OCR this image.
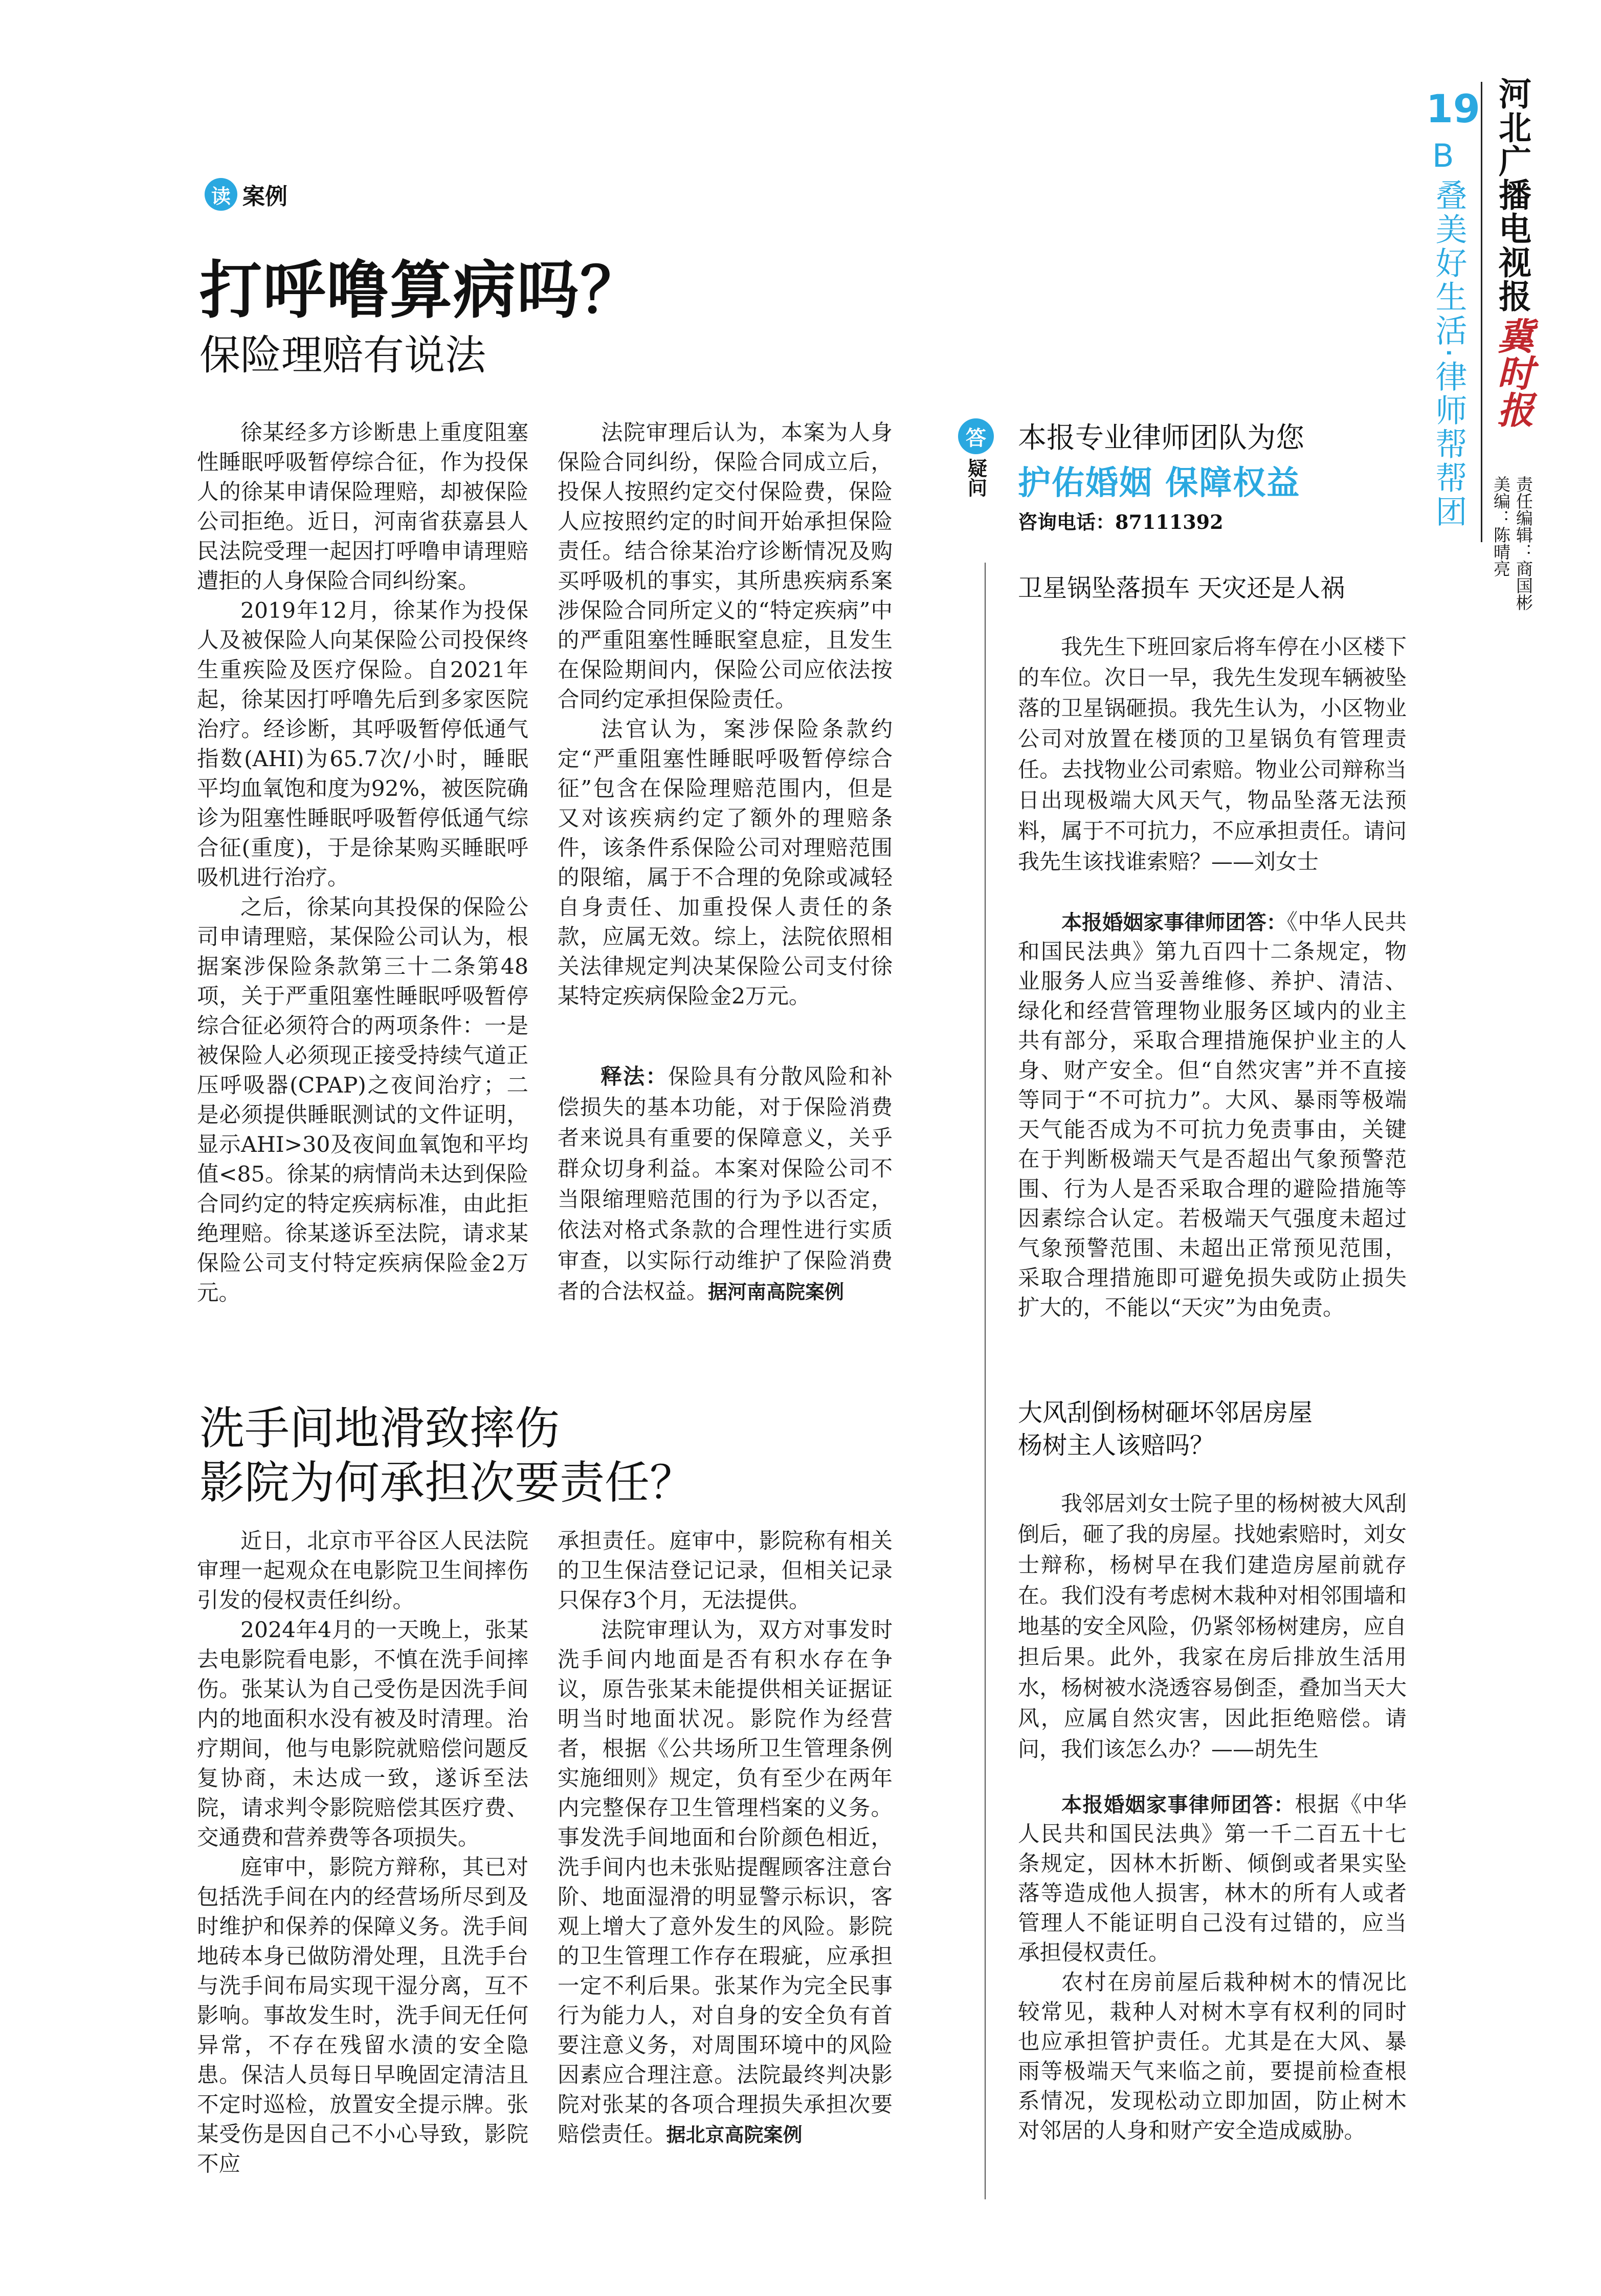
19
B
叠美好生活·律师帮帮团 河北广播电视报
冀时报
责任编辑：商国彬
美编：陈晴亮
读 案例
打呼噜算病吗？
保险理赔有说法

徐某经多方诊断患上重度阻塞性睡眠呼吸暂停综合征，作为投保人的徐某申请保险理赔，却被保险公司拒绝。近日，河南省获嘉县人民法院受理一起因打呼噜申请理赔遭拒的人身保险合同纠纷案。

2019年12月，徐某作为投保人及被保险人向某保险公司投保终生重疾险及医疗保险。自2021年起，徐某因打呼噜先后到多家医院治疗。经诊断，其呼吸暂停低通气指数(AHI)为65.7次/小时，睡眠平均血氧饱和度为92%，被医院确诊为阻塞性睡眠呼吸暂停低通气综合征(重度)，于是徐某购买睡眠呼吸机进行治疗。

之后，徐某向其投保的保险公司申请理赔，某保险公司认为，根据案涉保险条款第三十二条第48项，关于严重阻塞性睡眠呼吸暂停综合征必须符合的两项条件：一是被保险人必须现正接受持续气道正压呼吸器(CPAP)之夜间治疗；二是必须提供睡眠测试的文件证明，显示AHI>30及夜间血氧饱和平均值<85。徐某的病情尚未达到保险合同约定的特定疾病标准，由此拒绝理赔。徐某遂诉至法院，请求某保险公司支付特定疾病保险金2万元。

法院审理后认为，本案为人身保险合同纠纷，保险合同成立后，投保人按照约定交付保险费，保险人应按照约定的时间开始承担保险责任。结合徐某治疗诊断情况及购买呼吸机的事实，其所患疾病系案涉保险合同所定义的“特定疾病”中的严重阻塞性睡眠窒息症，且发生在保险期间内，保险公司应依法按合同约定承担保险责任。

法官认为，案涉保险条款约定“严重阻塞性睡眠呼吸暂停综合征”包含在保险理赔范围内，但是又对该疾病约定了额外的理赔条件，该条件系保险公司对理赔范围的限缩，属于不合理的免除或减轻自身责任、加重投保人责任的条款，应属无效。综上，法院依照相关法律规定判决某保险公司支付徐某特定疾病保险金2万元。

释法：保险具有分散风险和补偿损失的基本功能，对于保险消费者来说具有重要的保障意义，关乎群众切身利益。本案对保险公司不当限缩理赔范围的行为予以否定，依法对格式条款的合理性进行实质审查，以实际行动维护了保险消费者的合法权益。据河南高院案例

洗手间地滑致摔伤
影院为何承担次要责任？

近日，北京市平谷区人民法院审理一起观众在电影院卫生间摔伤引发的侵权责任纠纷。

2024年4月的一天晚上，张某去电影院看电影，不慎在洗手间摔伤。张某认为自己受伤是因洗手间内的地面积水没有被及时清理。治疗期间，他与电影院就赔偿问题反复协商，未达成一致，遂诉至法院，请求判令影院赔偿其医疗费、交通费和营养费等各项损失。

庭审中，影院方辩称，其已对包括洗手间在内的经营场所尽到及时维护和保养的保障义务。洗手间地砖本身已做防滑处理，且洗手台与洗手间布局实现干湿分离，互不影响。事故发生时，洗手间无任何异常，不存在残留水渍的安全隐患。保洁人员每日早晚固定清洁且不定时巡检，放置安全提示牌。张某受伤是因自己不小心导致，影院不应

承担责任。庭审中，影院称有相关的卫生保洁登记记录，但相关记录只保存3个月，无法提供。

法院审理认为，双方对事发时洗手间内地面是否有积水存在争议，原告张某未能提供相关证据证明当时地面状况。影院作为经营者，根据《公共场所卫生管理条例实施细则》规定，负有至少在两年内完整保存卫生管理档案的义务。事发洗手间地面和台阶颜色相近，洗手间内也未张贴提醒顾客注意台阶、地面湿滑的明显警示标识，客观上增大了意外发生的风险。影院的卫生管理工作存在瑕疵，应承担一定不利后果。张某作为完全民事行为能力人，对自身的安全负有首要注意义务，对周围环境中的风险因素应合理注意。法院最终判决影院对张某的各项合理损失承担次要赔偿责任。据北京高院案例

答
疑问
本报专业律师团队为您
护佑婚姻 保障权益
咨询电话：87111392
卫星锅坠落损车 天灾还是人祸

我先生下班回家后将车停在小区楼下的车位。次日一早，我先生发现车辆被坠落的卫星锅砸损。我先生认为，小区物业公司对放置在楼顶的卫星锅负有管理责任。去找物业公司索赔。物业公司辩称当日出现极端大风天气，物品坠落无法预料，属于不可抗力，不应承担责任。请问我先生该找谁索赔？——刘女士

本报婚姻家事律师团答：《中华人民共和国民法典》第九百四十二条规定，物业服务人应当妥善维修、养护、清洁、绿化和经营管理物业服务区域内的业主共有部分，采取合理措施保护业主的人身、财产安全。但“自然灾害”并不直接等同于“不可抗力”。大风、暴雨等极端天气能否成为不可抗力免责事由，关键在于判断极端天气是否超出气象预警范围、行为人是否采取合理的避险措施等因素综合认定。若极端天气强度未超过气象预警范围、未超出正常预见范围，采取合理措施即可避免损失或防止损失扩大的，不能以“天灾”为由免责。

大风刮倒杨树砸坏邻居房屋
杨树主人该赔吗？

我邻居刘女士院子里的杨树被大风刮倒后，砸了我的房屋。找她索赔时，刘女士辩称，杨树早在我们建造房屋前就存在。我们没有考虑树木栽种对相邻围墙和地基的安全风险，仍紧邻杨树建房，应自担后果。此外，我家在房后排放生活用水，杨树被水浇透容易倒歪，叠加当天大风，应属自然灾害，因此拒绝赔偿。请问，我们该怎么办？——胡先生

本报婚姻家事律师团答：根据《中华人民共和国民法典》第一千二百五十七条规定，因林木折断、倾倒或者果实坠落等造成他人损害，林木的所有人或者管理人不能证明自己没有过错的，应当承担侵权责任。

农村在房前屋后栽种树木的情况比较常见，栽种人对树木享有权利的同时也应承担管护责任。尤其是在大风、暴雨等极端天气来临之前，要提前检查根系情况，发现松动立即加固，防止树木对邻居的人身和财产安全造成威胁。
